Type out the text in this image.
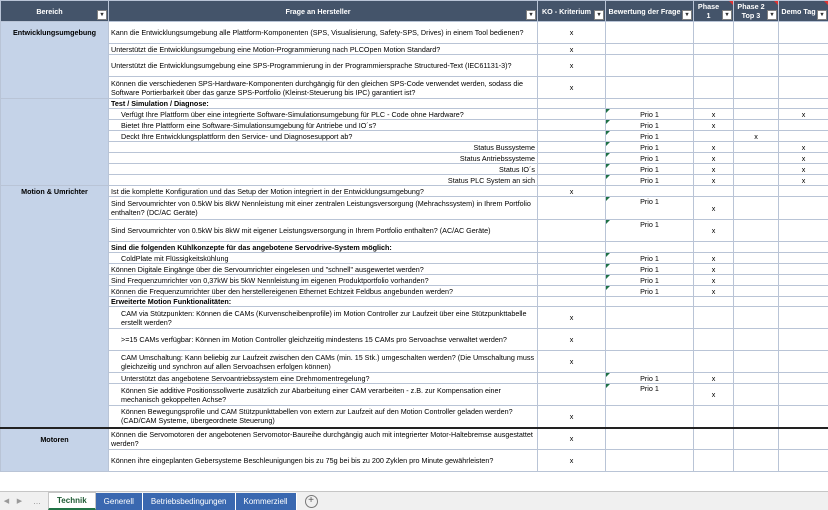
Bereich ▾	Frage an Hersteller ▾	KO - Kriterium ▾	Bewertung der Frage ▾	Phase 1 ▾	Phase 2 Top 3 ▾	Demo Tag ▾

Entwicklungsumgebung	Kann die Entwicklungsumgebung alle Plattform-Komponenten (SPS, Visualisierung, Safety-SPS, Drives) in einem Tool bedienen?	x				
	Unterstützt die Entwicklungsumgebung eine Motion-Programmierung nach PLCOpen Motion Standard?	x				
	Unterstützt die Entwicklungsumgebung eine SPS-Programmierung in der Programmiersprache Structured-Text (IEC61131-3)?	x				
	Können die verschiedenen SPS-Hardware-Komponenten durchgängig für den gleichen SPS-Code verwendet werden, sodass die Software Portierbarkeit über das ganze SPS-Portfolio (Kleinst-Steuerung bis IPC) garantiert ist?	x				
	Test / Simulation / Diagnose:					
	Verfügt Ihre Plattform über eine integrierte Software-Simulationsumgebung für PLC - Code ohne Hardware?		Prio 1	x		x
	Bietet Ihre Plattform eine Software-Simulationsumgebung für Antriebe und IO´s?		Prio 1	x		
	Deckt Ihre Entwicklungsplattform den Service- und Diagnosesupport ab?		Prio 1		x	
	Status Bussysteme		Prio 1	x		x
	Status Antriebssysteme		Prio 1	x		x
	Status IO´s		Prio 1	x		x
	Status PLC System an sich		Prio 1	x		x
Motion & Umrichter	Ist die komplette Konfiguration und das Setup der Motion integriert in der Entwicklungsumgebung?	x				
	Sind Servoumrichter von 0.5kW bis 8kW Nennleistung mit einer zentralen Leistungsversorgung (Mehrachssystem) in Ihrem Portfolio enthalten? (DC/AC Geräte)		Prio 1	x		
	Sind Servoumrichter von 0.5kW bis 8kW mit eigener Leistungsversorgung in Ihrem Portfolio enthalten? (AC/AC Geräte)		Prio 1	x		
	Sind die folgenden Kühlkonzepte für das angebotene Servodrive-System möglich:					
	ColdPlate mit Flüssigkeitskühlung		Prio 1	x		
	Können Digitale Eingänge über die Servoumrichter eingelesen und "schnell" ausgewertet werden?		Prio 1	x		
	Sind Frequenzumrichter von 0,37kW bis 5kW Nennleistung im eigenen Produktportfolio vorhanden?		Prio 1	x		
	Können die Frequenzumrichter über den herstellereigenen Ethernet Echtzeit Feldbus angebunden werden?		Prio 1	x		
	Erweiterte Motion Funktionalitäten:					
	CAM via Stützpunkten: Können die CAMs (Kurvenscheibenprofile) im Motion Controller zur Laufzeit über eine Stützpunkttabelle erstellt werden?	x				
	>=15 CAMs verfügbar: Können im Motion Controller gleichzeitig mindestens 15 CAMs pro Servoachse verwaltet werden?	x				
	CAM Umschaltung: Kann beliebig zur Laufzeit zwischen den CAMs (min. 15 Stk.) umgeschalten werden? (Die Umschaltung muss gleichzeitig und synchron auf allen Servoachsen erfolgen können)	x				
	Unterstützt das angebotene Servoantriebssystem eine Drehmomentregelung?		Prio 1	x		
	Können Sie additive Positionssollwerte zusätzlich zur Abarbeitung einer CAM verarbeiten - z.B. zur Kompensation einer mechanisch gekoppelten Achse?		Prio 1	x		
	Können Bewegungsprofile und CAM Stützpunkttabellen von extern zur Laufzeit auf den Motion Controller geladen werden? (CAD/CAM Systeme, übergeordnete Steuerung)	x				
Motoren	Können die Servomotoren der angebotenen Servomotor-Baureihe durchgängig auch mit integrierter Motor-Haltebremse ausgestattet werden?	x				
	Können ihre eingeplanten Gebersysteme Beschleunigungen bis zu 75g bei bis zu 200 Zyklen pro Minute gewährleisten?	x				
◀	▶	…	Technik	Generell	Betriebsbedingungen	Kommerziell	+
